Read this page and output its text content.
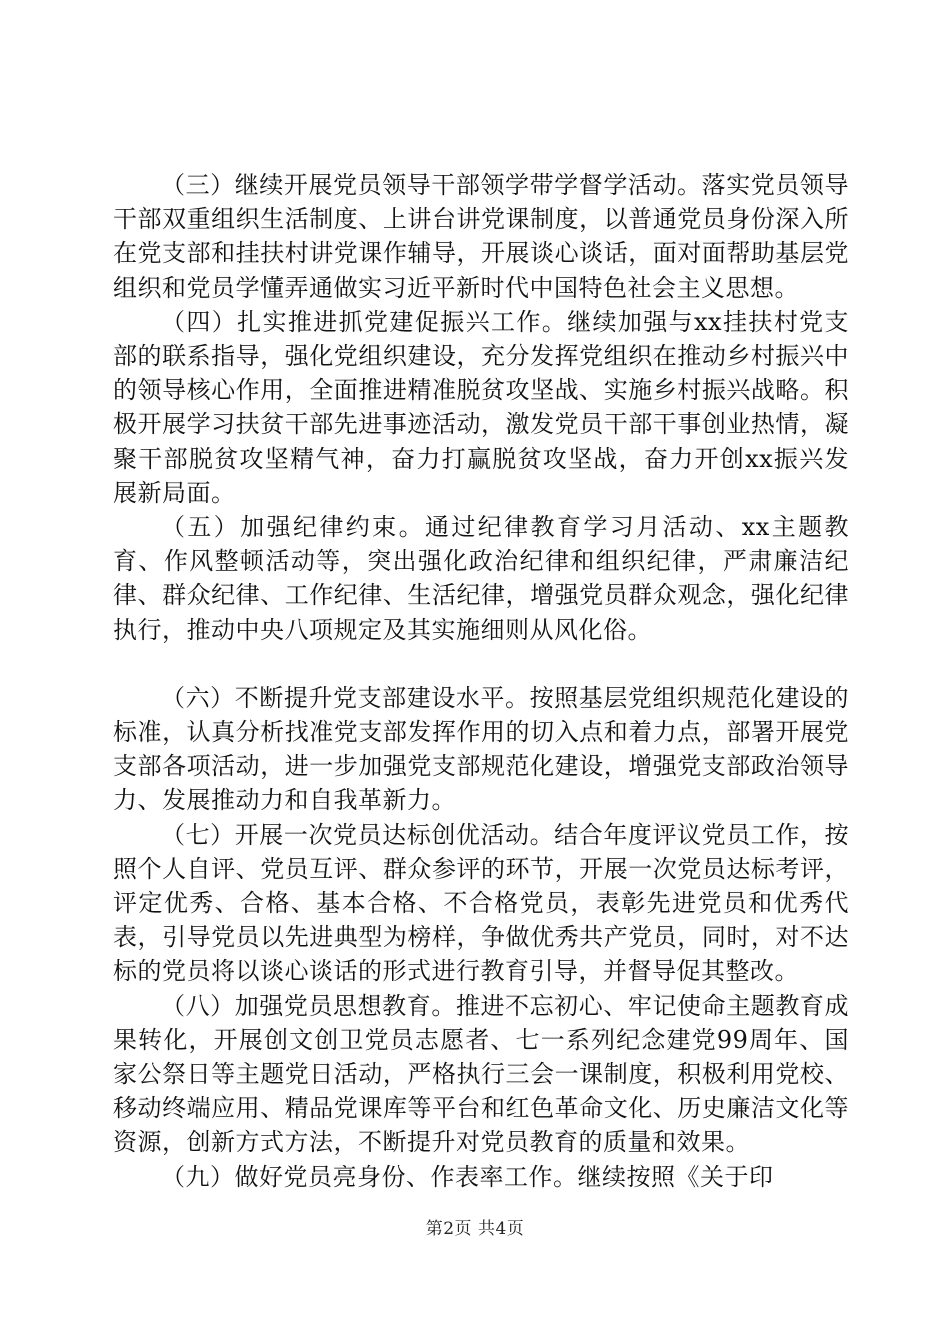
（三）继续开展党员领导干部领学带学督学活动。落实党员领导干部双重组织生活制度、上讲台讲党课制度，以普通党员身份深入所在党支部和挂扶村讲党课作辅导，开展谈心谈话，面对面帮助基层党组织和党员学懂弄通做实习近平新时代中国特色社会主义思想。

（四）扎实推进抓党建促振兴工作。继续加强与xx挂扶村党支部的联系指导，强化党组织建设，充分发挥党组织在推动乡村振兴中的领导核心作用，全面推进精准脱贫攻坚战、实施乡村振兴战略。积极开展学习扶贫干部先进事迹活动，激发党员干部干事创业热情，凝聚干部脱贫攻坚精气神，奋力打赢脱贫攻坚战，奋力开创xx振兴发展新局面。

（五）加强纪律约束。通过纪律教育学习月活动、xx主题教育、作风整顿活动等，突出强化政治纪律和组织纪律，严肃廉洁纪律、群众纪律、工作纪律、生活纪律，增强党员群众观念，强化纪律执行，推动中央八项规定及其实施细则从风化俗。

（六）不断提升党支部建设水平。按照基层党组织规范化建设的标准，认真分析找准党支部发挥作用的切入点和着力点，部署开展党支部各项活动，进一步加强党支部规范化建设，增强党支部政治领导力、发展推动力和自我革新力。

（七）开展一次党员达标创优活动。结合年度评议党员工作，按照个人自评、党员互评、群众参评的环节，开展一次党员达标考评，评定优秀、合格、基本合格、不合格党员，表彰先进党员和优秀代表，引导党员以先进典型为榜样，争做优秀共产党员，同时，对不达标的党员将以谈心谈话的形式进行教育引导，并督导促其整改。

（八）加强党员思想教育。推进不忘初心、牢记使命主题教育成果转化，开展创文创卫党员志愿者、七一系列纪念建党99周年、国家公祭日等主题党日活动，严格执行三会一课制度，积极利用党校、移动终端应用、精品党课库等平台和红色革命文化、历史廉洁文化等资源，创新方式方法，不断提升对党员教育的质量和效果。

（九）做好党员亮身份、作表率工作。继续按照《关于印

第2页 共4页
